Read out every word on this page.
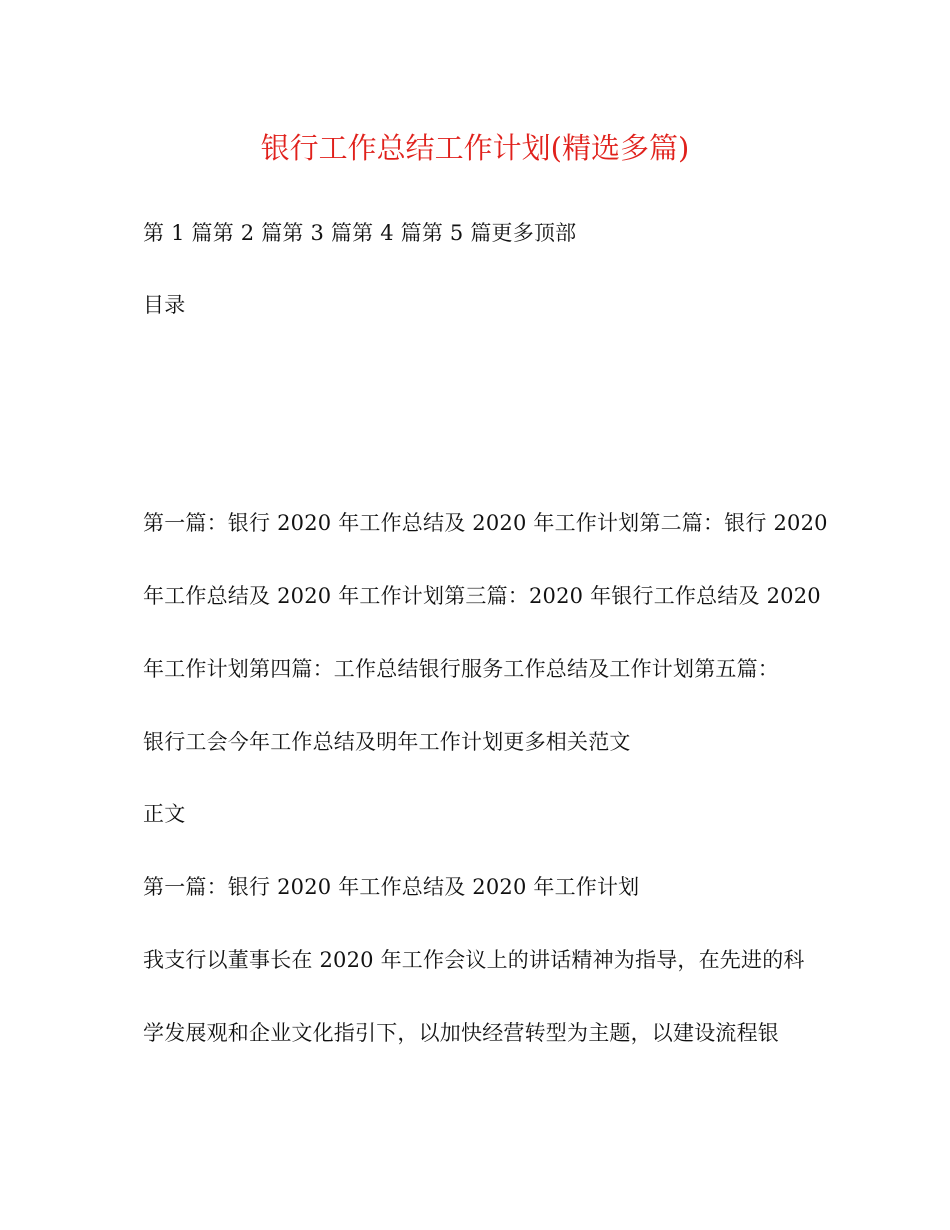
银行工作总结工作计划(精选多篇)
第 1 篇第 2 篇第 3 篇第 4 篇第 5 篇更多顶部
目录
第一篇：银行 2020 年工作总结及 2020 年工作计划第二篇：银行 2020
年工作总结及 2020 年工作计划第三篇：2020 年银行工作总结及 2020
年工作计划第四篇：工作总结银行服务工作总结及工作计划第五篇：
银行工会今年工作总结及明年工作计划更多相关范文
正文
第一篇：银行 2020 年工作总结及 2020 年工作计划
我支行以董事长在 2020 年工作会议上的讲话精神为指导，在先进的科
学发展观和企业文化指引下，以加快经营转型为主题，以建设流程银
